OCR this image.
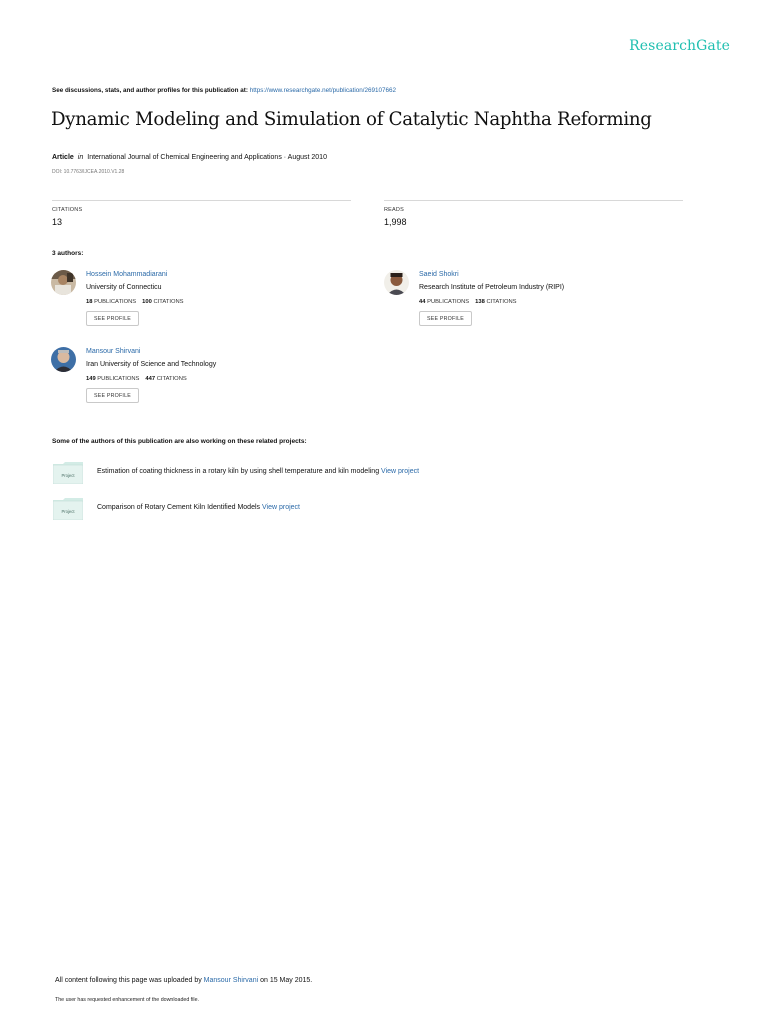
ResearchGate
See discussions, stats, and author profiles for this publication at: https://www.researchgate.net/publication/269107662
Dynamic Modeling and Simulation of Catalytic Naphtha Reforming
Article in International Journal of Chemical Engineering and Applications · August 2010
DOI: 10.7763/IJCEA.2010.V1.28
CITATIONS
13
READS
1,998
3 authors:
Hossein Mohammadiarani
University of Connecticu
18 PUBLICATIONS 100 CITATIONS
SEE PROFILE
Saeid Shokri
Research Institute of Petroleum Industry (RIPI)
44 PUBLICATIONS 138 CITATIONS
SEE PROFILE
Mansour Shirvani
Iran University of Science and Technology
149 PUBLICATIONS 447 CITATIONS
SEE PROFILE
Some of the authors of this publication are also working on these related projects:
Project
Estimation of coating thickness in a rotary kiln by using shell temperature and kiln modeling View project
Project
Comparison of Rotary Cement Kiln Identified Models View project
All content following this page was uploaded by Mansour Shirvani on 15 May 2015.
The user has requested enhancement of the downloaded file.
